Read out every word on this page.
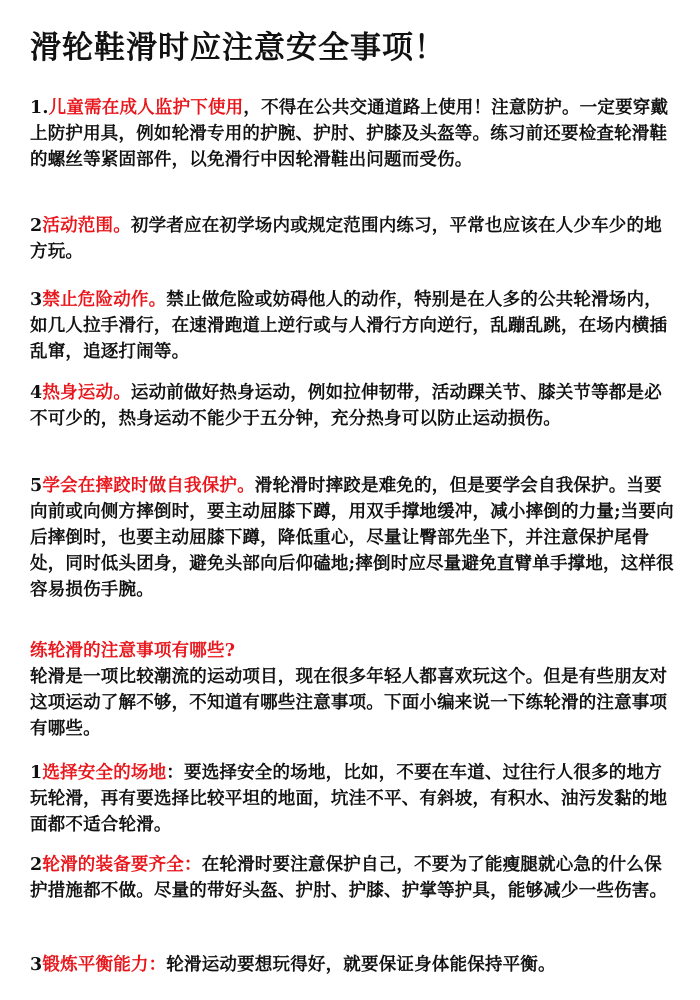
滑轮鞋滑时应注意安全事项！
1.儿童需在成人监护下使用，不得在公共交通道路上使用！注意防护。一定要穿戴上防护用具，例如轮滑专用的护腕、护肘、护膝及头盔等。练习前还要检查轮滑鞋的螺丝等紧固部件，以免滑行中因轮滑鞋出问题而受伤。
2活动范围。初学者应在初学场内或规定范围内练习，平常也应该在人少车少的地方玩。
3禁止危险动作。禁止做危险或妨碍他人的动作，特别是在人多的公共轮滑场内，如几人拉手滑行，在速滑跑道上逆行或与人滑行方向逆行，乱蹦乱跳，在场内横插乱窜，追逐打闹等。
4热身运动。运动前做好热身运动，例如拉伸韧带，活动踝关节、膝关节等都是必不可少的，热身运动不能少于五分钟，充分热身可以防止运动损伤。
5学会在摔跤时做自我保护。滑轮滑时摔跤是难免的，但是要学会自我保护。当要向前或向侧方摔倒时，要主动屈膝下蹲，用双手撑地缓冲，减小摔倒的力量;当要向后摔倒时，也要主动屈膝下蹲，降低重心，尽量让臀部先坐下，并注意保护尾骨处，同时低头团身，避免头部向后仰磕地;摔倒时应尽量避免直臂单手撑地，这样很容易损伤手腕。
练轮滑的注意事项有哪些?
轮滑是一项比较潮流的运动项目，现在很多年轻人都喜欢玩这个。但是有些朋友对这项运动了解不够，不知道有哪些注意事项。下面小编来说一下练轮滑的注意事项有哪些。
1选择安全的场地：要选择安全的场地，比如，不要在车道、过往行人很多的地方玩轮滑，再有要选择比较平坦的地面，坑洼不平、有斜坡，有积水、油污发黏的地面都不适合轮滑。
2轮滑的装备要齐全：在轮滑时要注意保护自己，不要为了能瘦腿就心急的什么保护措施都不做。尽量的带好头盔、护肘、护膝、护掌等护具，能够减少一些伤害。
3锻炼平衡能力：轮滑运动要想玩得好，就要保证身体能保持平衡。
